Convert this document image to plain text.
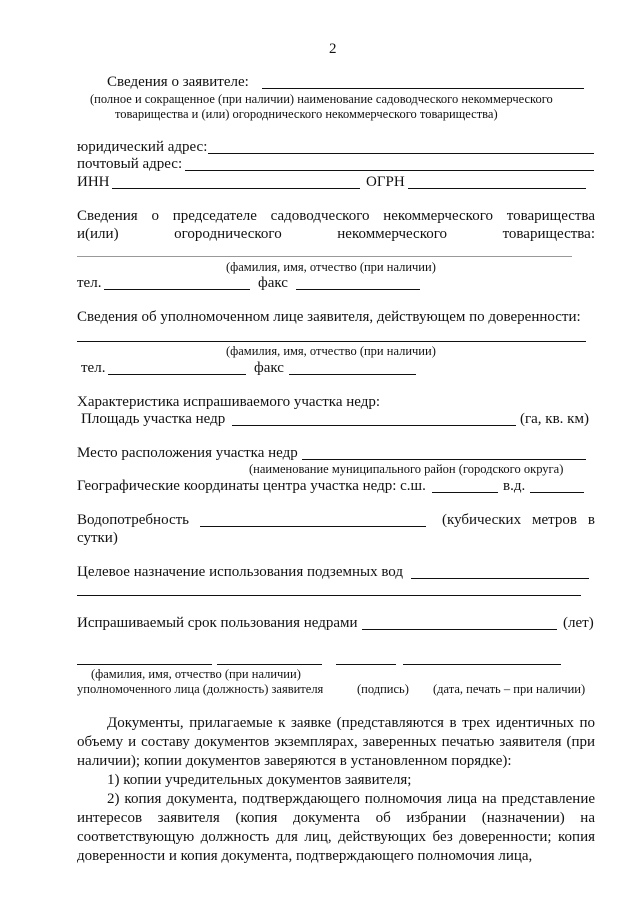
2
Сведения о заявителе:
(полное и сокращенное (при наличии) наименование садоводческого некоммерческого
товарищества и (или) огороднического некоммерческого товарищества)
юридический адрес:
почтовый адрес:
ИНН	ОГРН
Сведения о председателе садоводческого некоммерческого товарищества
и(или) огороднического некоммерческого товарищества:
(фамилия, имя, отчество (при наличии)
тел.	факс
Сведения об уполномоченном лице заявителя, действующем по доверенности:
(фамилия, имя, отчество (при наличии)
тел.	факс
Характеристика испрашиваемого участка недр:
Площадь участка недр	(га, кв. км)
Место расположения участка недр
(наименование муниципального район (городского округа)
Географические координаты центра участка недр: с.ш.	в.д.
Водопотребность	(кубических метров в
сутки)
Целевое назначение использования подземных вод
Испрашиваемый срок пользования недрами	(лет)
(фамилия, имя, отчество (при наличии)
уполномоченного лица (должность) заявителя	(подпись) (дата, печать – при наличии)
Документы, прилагаемые к заявке (представляются в трех идентичных по объему и составу документов экземплярах, заверенных печатью заявителя (при наличии); копии документов заверяются в установленном порядке):
1) копии учредительных документов заявителя;
2) копия документа, подтверждающего полномочия лица на представление интересов заявителя (копия документа об избрании (назначении) на соответствующую должность для лиц, действующих без доверенности; копия доверенности и копия документа, подтверждающего полномочия лица,
